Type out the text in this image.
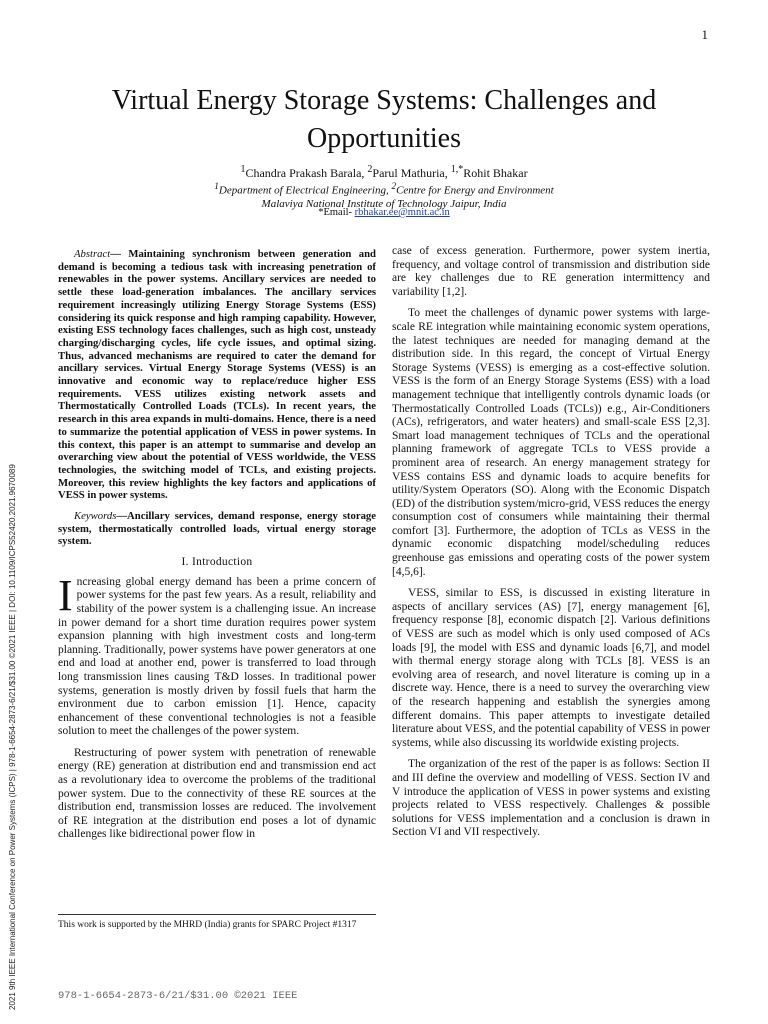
1
2021 9th IEEE International Conference on Power Systems (ICPS) | 978-1-6654-2873-6/21/$31.00 ©2021 IEEE | DOI: 10.1109/ICPS52420.2021.9670089
Virtual Energy Storage Systems: Challenges and Opportunities
$^1$Chandra Prakash Barala, $^2$Parul Mathuria, $^{1,*}$Rohit Bhakar
$^1$Department of Electrical Engineering, $^2$Centre for Energy and Environment
Malaviya National Institute of Technology Jaipur, India
*Email- rbhakar.ee@mnit.ac.in

Abstract— Maintaining synchronism between generation and demand is becoming a tedious task with increasing penetration of renewables in the power systems. Ancillary services are needed to settle these load-generation imbalances. The ancillary services requirement increasingly utilizing Energy Storage Systems (ESS) considering its quick response and high ramping capability. However, existing ESS technology faces challenges, such as high cost, unsteady charging/discharging cycles, life cycle issues, and optimal sizing. Thus, advanced mechanisms are required to cater the demand for ancillary services. Virtual Energy Storage Systems (VESS) is an innovative and economic way to replace/reduce higher ESS requirements. VESS utilizes existing network assets and Thermostatically Controlled Loads (TCLs). In recent years, the research in this area expands in multi-domains. Hence, there is a need to summarize the potential application of VESS in power systems. In this context, this paper is an attempt to summarise and develop an overarching view about the potential of VESS worldwide, the VESS technologies, the switching model of TCLs, and existing projects. Moreover, this review highlights the key factors and applications of VESS in power systems.

Keywords—Ancillary services, demand response, energy storage system, thermostatically controlled loads, virtual energy storage system.

I. Introduction

Increasing global energy demand has been a prime concern of power systems for the past few years. As a result, reliability and stability of the power system is a challenging issue. An increase in power demand for a short time duration requires power system expansion planning with high investment costs and long-term planning. Traditionally, power systems have power generators at one end and load at another end, power is transferred to load through long transmission lines causing T&D losses. In traditional power systems, generation is mostly driven by fossil fuels that harm the environment due to carbon emission [1]. Hence, capacity enhancement of these conventional technologies is not a feasible solution to meet the challenges of the power system.

Restructuring of power system with penetration of renewable energy (RE) generation at distribution end and transmission end act as a revolutionary idea to overcome the problems of the traditional power system. Due to the connectivity of these RE sources at the distribution end, transmission losses are reduced. The involvement of RE integration at the distribution end poses a lot of dynamic challenges like bidirectional power flow in

case of excess generation. Furthermore, power system inertia, frequency, and voltage control of transmission and distribution side are key challenges due to RE generation intermittency and variability [1,2].

To meet the challenges of dynamic power systems with large-scale RE integration while maintaining economic system operations, the latest techniques are needed for managing demand at the distribution side. In this regard, the concept of Virtual Energy Storage Systems (VESS) is emerging as a cost-effective solution. VESS is the form of an Energy Storage Systems (ESS) with a load management technique that intelligently controls dynamic loads (or Thermostatically Controlled Loads (TCLs)) e.g., Air-Conditioners (ACs), refrigerators, and water heaters) and small-scale ESS [2,3]. Smart load management techniques of TCLs and the operational planning framework of aggregate TCLs to VESS provide a prominent area of research. An energy management strategy for VESS contains ESS and dynamic loads to acquire benefits for utility/System Operators (SO). Along with the Economic Dispatch (ED) of the distribution system/micro-grid, VESS reduces the energy consumption cost of consumers while maintaining their thermal comfort [3]. Furthermore, the adoption of TCLs as VESS in the dynamic economic dispatching model/scheduling reduces greenhouse gas emissions and operating costs of the power system [4,5,6].

VESS, similar to ESS, is discussed in existing literature in aspects of ancillary services (AS) [7], energy management [6], frequency response [8], economic dispatch [2]. Various definitions of VESS are such as model which is only used composed of ACs loads [9], the model with ESS and dynamic loads [6,7], and model with thermal energy storage along with TCLs [8]. VESS is an evolving area of research, and novel literature is coming up in a discrete way. Hence, there is a need to survey the overarching view of the research happening and establish the synergies among different domains. This paper attempts to investigate detailed literature about VESS, and the potential capability of VESS in power systems, while also discussing its worldwide existing projects.

The organization of the rest of the paper is as follows: Section II and III define the overview and modelling of VESS. Section IV and V introduce the application of VESS in power systems and existing projects related to VESS respectively. Challenges & possible solutions for VESS implementation and a conclusion is drawn in Section VI and VII respectively.

This work is supported by the MHRD (India) grants for SPARC Project #1317
978-1-6654-2873-6/21/$31.00 ©2021 IEEE
